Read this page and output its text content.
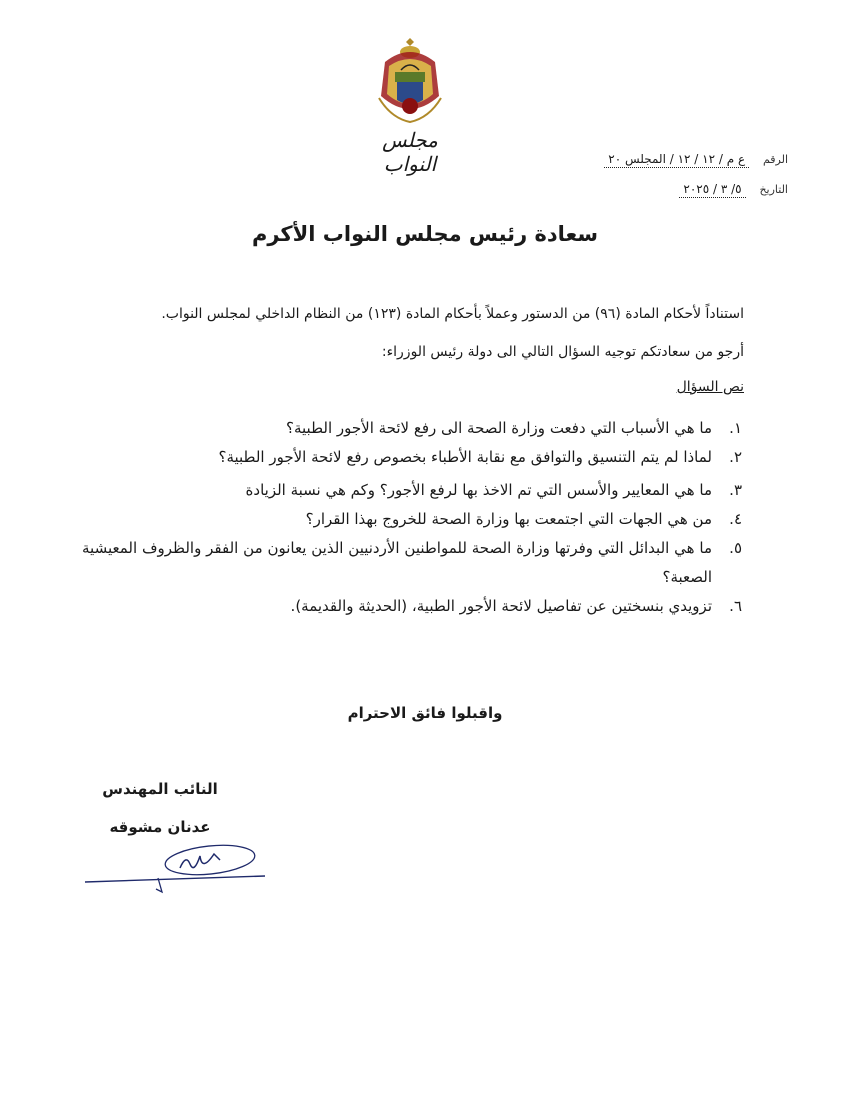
مجلس النواب	الرقم ع م / ١٢ / ١٢ / المجلس ٢٠
التاريخ ٥/ ٣ / ٢٠٢٥
سعادة رئيس مجلس النواب الأكرم
استناداً لأحكام المادة (٩٦) من الدستور وعملاً بأحكام المادة (١٢٣) من النظام الداخلي لمجلس النواب.
أرجو من سعادتكم توجيه السؤال التالي الى دولة رئيس الوزراء:
نص السؤال
١.
ما هي الأسباب التي دفعت وزارة الصحة الى رفع لائحة الأجور الطبية؟
٢.
لماذا لم يتم التنسيق والتوافق مع نقابة الأطباء بخصوص رفع لائحة الأجور الطبية؟
٣.
ما هي المعايير والأسس التي تم الاخذ بها لرفع الأجور؟ وكم هي نسبة الزيادة
٤.
من هي الجهات التي اجتمعت بها وزارة الصحة للخروج بهذا القرار؟
٥.
ما هي البدائل التي وفرتها وزارة الصحة للمواطنين الأردنيين الذين يعانون من الفقر والظروف المعيشية الصعبة؟
٦.
تزويدي بنسختين عن تفاصيل لائحة الأجور الطبية، (الحديثة والقديمة).
واقبلوا فائق الاحترام
النائب المهندس
عدنان مشوقه
